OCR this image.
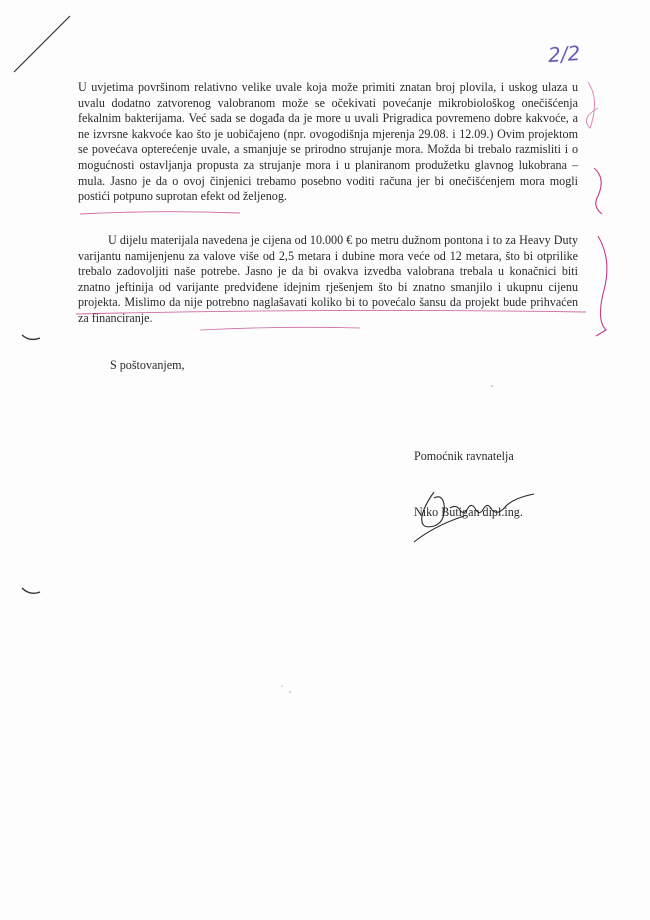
2/2

U uvjetima površinom relativno velike uvale koja može primiti znatan broj plovila, i uskog ulaza u uvalu dodatno zatvorenog valobranom može se očekivati povećanje mikrobiološkog onečišćenja fekalnim bakterijama. Već sada se događa da je more u uvali Prigradica povremeno dobre kakvoće, a ne izvrsne kakvoće kao što je uobičajeno (npr. ovogodišnja mjerenja 29.08. i 12.09.) Ovim projektom se povećava opterećenje uvale, a smanjuje se prirodno strujanje mora. Možda bi trebalo razmisliti i o mogućnosti ostavljanja propusta za strujanje mora i u planiranom produžetku glavnog lukobrana – mula. Jasno je da o ovoj činjenici trebamo posebno voditi računa jer bi onečišćenjem mora mogli postići potpuno suprotan efekt od željenog.

U dijelu materijala navedena je cijena od 10.000 € po metru dužnom pontona i to za Heavy Duty varijantu namijenjenu za valove više od 2,5 metara i dubine mora veće od 12 metara, što bi otprilike trebalo zadovoljiti naše potrebe. Jasno je da bi ovakva izvedba valobrana trebala u konačnici biti znatno jeftinija od varijante predviđene idejnim rješenjem što bi znatno smanjilo i ukupnu cijenu projekta. Mislimo da nije potrebno naglašavati koliko bi to povećalo šansu da projekt bude prihvaćen za financiranje.

S poštovanjem,
Pomoćnik ravnatelja
Niko Butigan dipl.ing.
